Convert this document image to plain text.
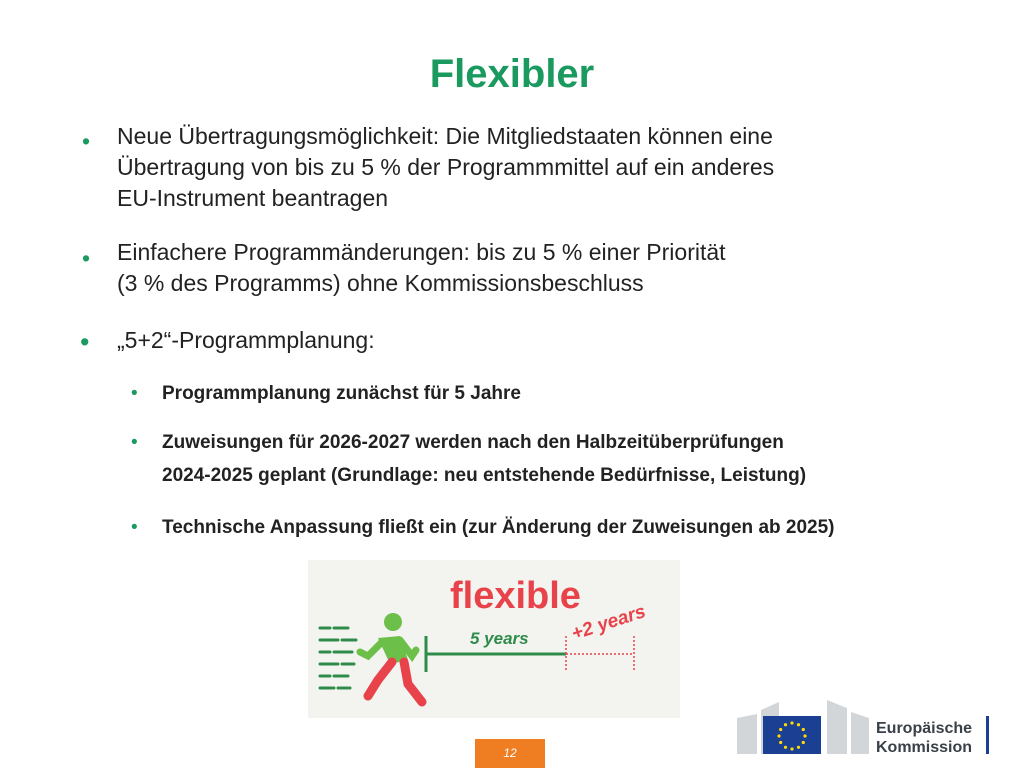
Flexibler
• Neue Übertragungsmöglichkeit: Die Mitgliedstaaten können eine
Übertragung von bis zu 5 % der Programmmittel auf ein anderes
EU-Instrument beantragen
• Einfachere Programmänderungen: bis zu 5 % einer Priorität
(3 % des Programms) ohne Kommissionsbeschluss
• „5+2“-Programmplanung:
• Programmplanung zunächst für 5 Jahre
• Zuweisungen für 2026-2027 werden nach den Halbzeitüberprüfungen
2024-2025 geplant (Grundlage: neu entstehende Bedürfnisse, Leistung)
• Technische Anpassung fließt ein (zur Änderung der Zuweisungen ab 2025)
flexible
5 years +2 years
Europäische
Kommission
12
